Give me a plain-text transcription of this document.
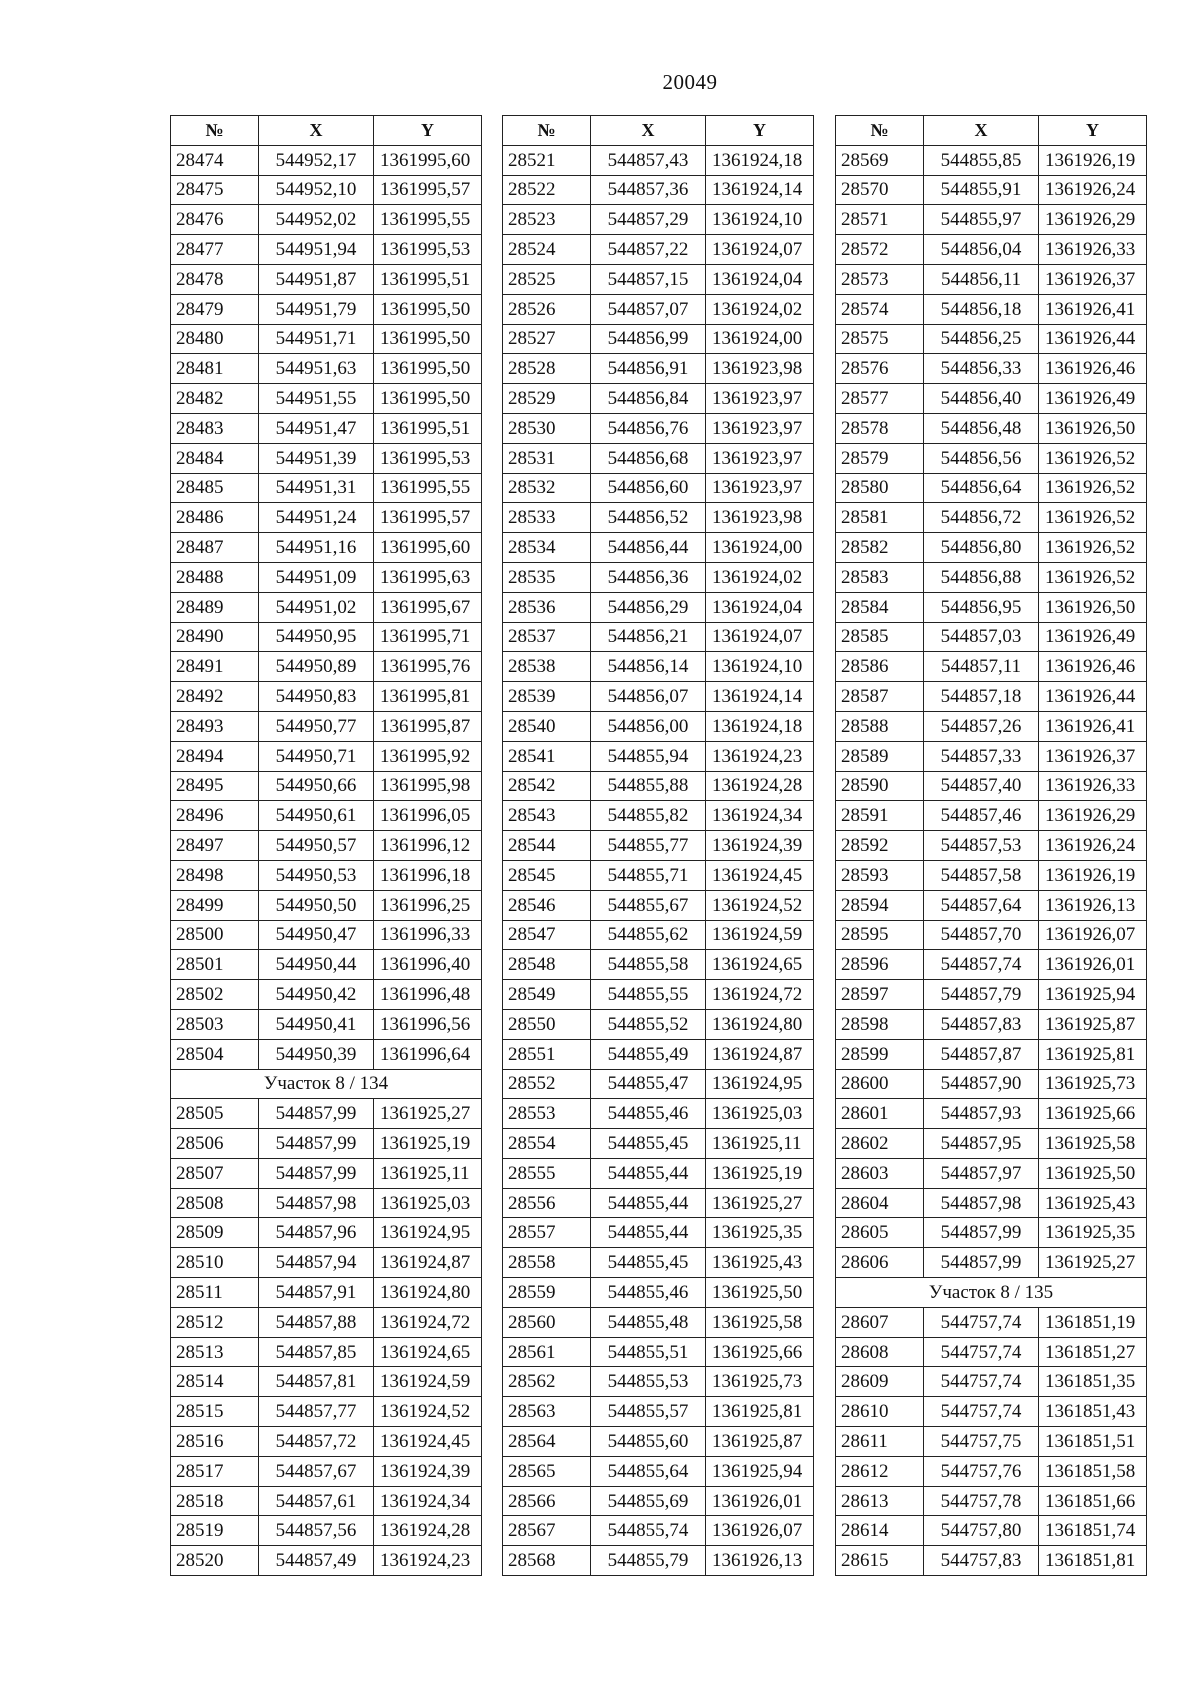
20049
№	X	Y
28474	544952,17	1361995,60
28475	544952,10	1361995,57
28476	544952,02	1361995,55
28477	544951,94	1361995,53
28478	544951,87	1361995,51
28479	544951,79	1361995,50
28480	544951,71	1361995,50
28481	544951,63	1361995,50
28482	544951,55	1361995,50
28483	544951,47	1361995,51
28484	544951,39	1361995,53
28485	544951,31	1361995,55
28486	544951,24	1361995,57
28487	544951,16	1361995,60
28488	544951,09	1361995,63
28489	544951,02	1361995,67
28490	544950,95	1361995,71
28491	544950,89	1361995,76
28492	544950,83	1361995,81
28493	544950,77	1361995,87
28494	544950,71	1361995,92
28495	544950,66	1361995,98
28496	544950,61	1361996,05
28497	544950,57	1361996,12
28498	544950,53	1361996,18
28499	544950,50	1361996,25
28500	544950,47	1361996,33
28501	544950,44	1361996,40
28502	544950,42	1361996,48
28503	544950,41	1361996,56
28504	544950,39	1361996,64
Участок 8 / 134		
28505	544857,99	1361925,27
28506	544857,99	1361925,19
28507	544857,99	1361925,11
28508	544857,98	1361925,03
28509	544857,96	1361924,95
28510	544857,94	1361924,87
28511	544857,91	1361924,80
28512	544857,88	1361924,72
28513	544857,85	1361924,65
28514	544857,81	1361924,59
28515	544857,77	1361924,52
28516	544857,72	1361924,45
28517	544857,67	1361924,39
28518	544857,61	1361924,34
28519	544857,56	1361924,28
28520	544857,49	1361924,23
№	X	Y
28521	544857,43	1361924,18
28522	544857,36	1361924,14
28523	544857,29	1361924,10
28524	544857,22	1361924,07
28525	544857,15	1361924,04
28526	544857,07	1361924,02
28527	544856,99	1361924,00
28528	544856,91	1361923,98
28529	544856,84	1361923,97
28530	544856,76	1361923,97
28531	544856,68	1361923,97
28532	544856,60	1361923,97
28533	544856,52	1361923,98
28534	544856,44	1361924,00
28535	544856,36	1361924,02
28536	544856,29	1361924,04
28537	544856,21	1361924,07
28538	544856,14	1361924,10
28539	544856,07	1361924,14
28540	544856,00	1361924,18
28541	544855,94	1361924,23
28542	544855,88	1361924,28
28543	544855,82	1361924,34
28544	544855,77	1361924,39
28545	544855,71	1361924,45
28546	544855,67	1361924,52
28547	544855,62	1361924,59
28548	544855,58	1361924,65
28549	544855,55	1361924,72
28550	544855,52	1361924,80
28551	544855,49	1361924,87
28552	544855,47	1361924,95
28553	544855,46	1361925,03
28554	544855,45	1361925,11
28555	544855,44	1361925,19
28556	544855,44	1361925,27
28557	544855,44	1361925,35
28558	544855,45	1361925,43
28559	544855,46	1361925,50
28560	544855,48	1361925,58
28561	544855,51	1361925,66
28562	544855,53	1361925,73
28563	544855,57	1361925,81
28564	544855,60	1361925,87
28565	544855,64	1361925,94
28566	544855,69	1361926,01
28567	544855,74	1361926,07
28568	544855,79	1361926,13
№	X	Y
28569	544855,85	1361926,19
28570	544855,91	1361926,24
28571	544855,97	1361926,29
28572	544856,04	1361926,33
28573	544856,11	1361926,37
28574	544856,18	1361926,41
28575	544856,25	1361926,44
28576	544856,33	1361926,46
28577	544856,40	1361926,49
28578	544856,48	1361926,50
28579	544856,56	1361926,52
28580	544856,64	1361926,52
28581	544856,72	1361926,52
28582	544856,80	1361926,52
28583	544856,88	1361926,52
28584	544856,95	1361926,50
28585	544857,03	1361926,49
28586	544857,11	1361926,46
28587	544857,18	1361926,44
28588	544857,26	1361926,41
28589	544857,33	1361926,37
28590	544857,40	1361926,33
28591	544857,46	1361926,29
28592	544857,53	1361926,24
28593	544857,58	1361926,19
28594	544857,64	1361926,13
28595	544857,70	1361926,07
28596	544857,74	1361926,01
28597	544857,79	1361925,94
28598	544857,83	1361925,87
28599	544857,87	1361925,81
28600	544857,90	1361925,73
28601	544857,93	1361925,66
28602	544857,95	1361925,58
28603	544857,97	1361925,50
28604	544857,98	1361925,43
28605	544857,99	1361925,35
28606	544857,99	1361925,27
Участок 8 / 135		
28607	544757,74	1361851,19
28608	544757,74	1361851,27
28609	544757,74	1361851,35
28610	544757,74	1361851,43
28611	544757,75	1361851,51
28612	544757,76	1361851,58
28613	544757,78	1361851,66
28614	544757,80	1361851,74
28615	544757,83	1361851,81
